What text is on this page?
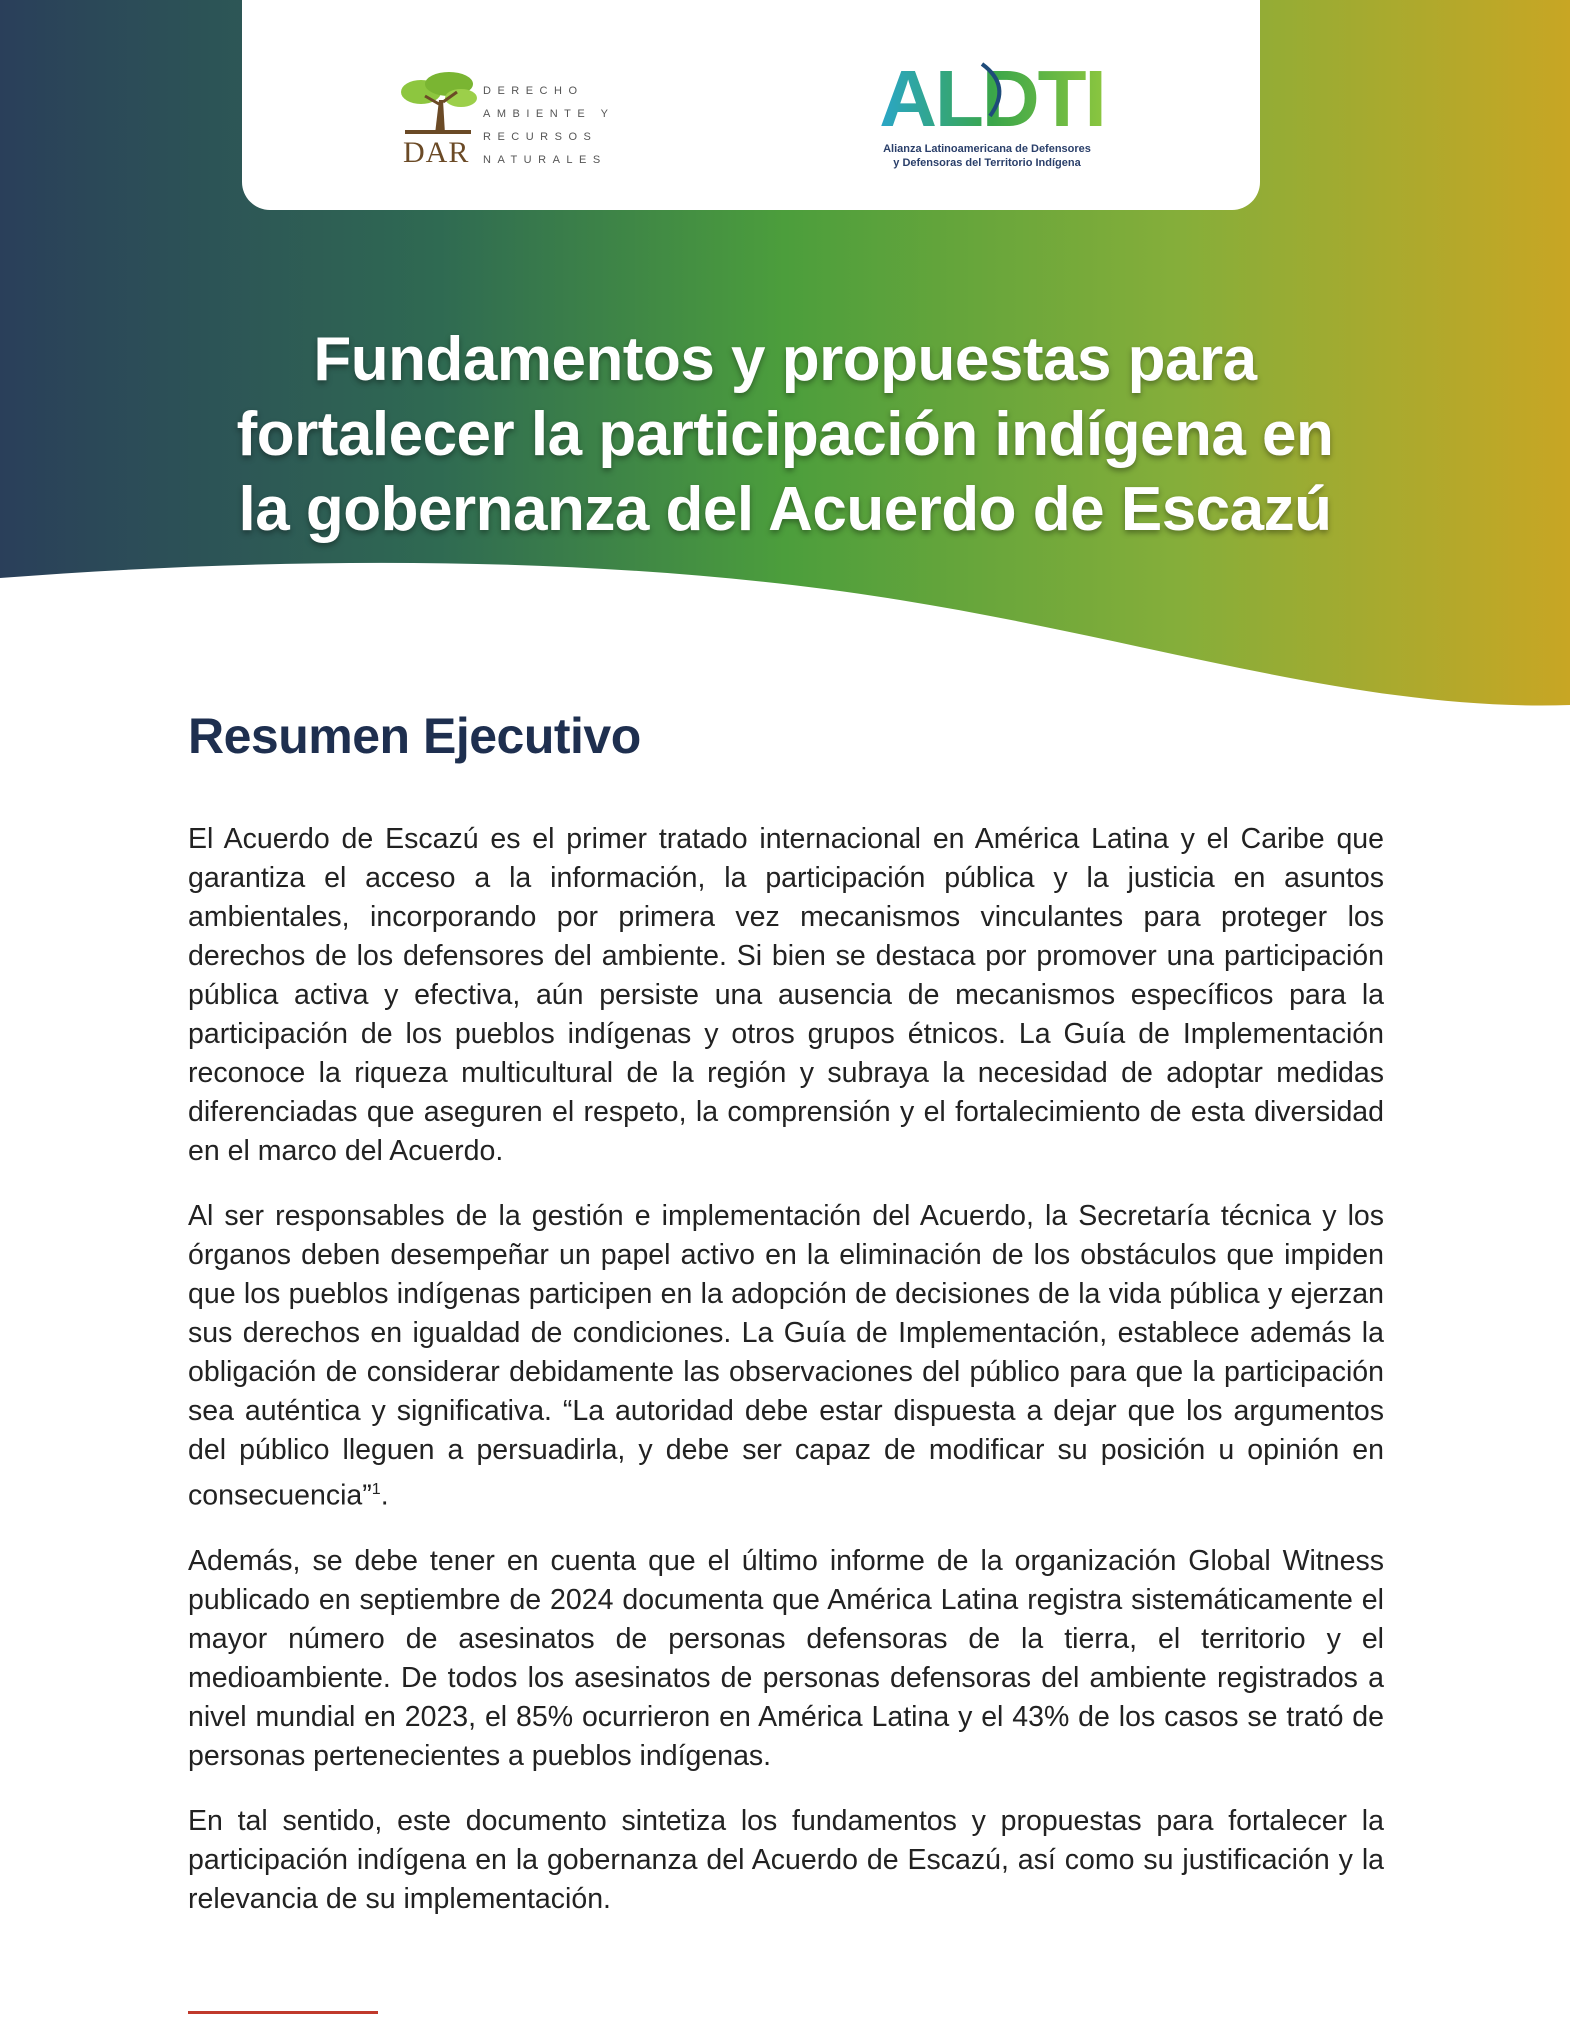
DAR
DERECHO
AMBIENTE Y
RECURSOS
NATURALES
ALDTI
Alianza Latinoamericana de Defensores
y Defensoras del Territorio Indígena
Fundamentos y propuestas para
fortalecer la participación indígena en
la gobernanza del Acuerdo de Escazú
Resumen Ejecutivo

El Acuerdo de Escazú es el primer tratado internacional en América Latina y el Caribe que garantiza el acceso a la información, la participación pública y la justicia en asuntos ambientales, incorporando por primera vez mecanismos vinculantes para proteger los derechos de los defensores del ambiente. Si bien se destaca por promover una participación pública activa y efectiva, aún persiste una ausencia de mecanismos específicos para la participación de los pueblos indígenas y otros grupos étnicos. La Guía de Implementación reconoce la riqueza multicultural de la región y subraya la necesidad de adoptar medidas diferenciadas que aseguren el respeto, la comprensión y el fortalecimiento de esta diversidad en el marco del Acuerdo.

Al ser responsables de la gestión e implementación del Acuerdo, la Secretaría técnica y los órganos deben desempeñar un papel activo en la eliminación de los obstáculos que impiden que los pueblos indígenas participen en la adopción de decisiones de la vida pública y ejerzan sus derechos en igualdad de condiciones. La Guía de Implementación, establece además la obligación de considerar debidamente las observaciones del público para que la participación sea auténtica y significativa. “La autoridad debe estar dispuesta a dejar que los argumentos del público lleguen a persuadirla, y debe ser capaz de modificar su posición u opinión en consecuencia”$^1$.

Además, se debe tener en cuenta que el último informe de la organización Global Witness publicado en septiembre de 2024 documenta que América Latina registra sistemáticamente el mayor número de asesinatos de personas defensoras de la tierra, el territorio y el medioambiente. De todos los asesinatos de personas defensoras del ambiente registrados a nivel mundial en 2023, el 85% ocurrieron en América Latina y el 43% de los casos se trató de personas pertenecientes a pueblos indígenas.

En tal sentido, este documento sintetiza los fundamentos y propuestas para fortalecer la participación indígena en la gobernanza del Acuerdo de Escazú, así como su justificación y la relevancia de su implementación.
